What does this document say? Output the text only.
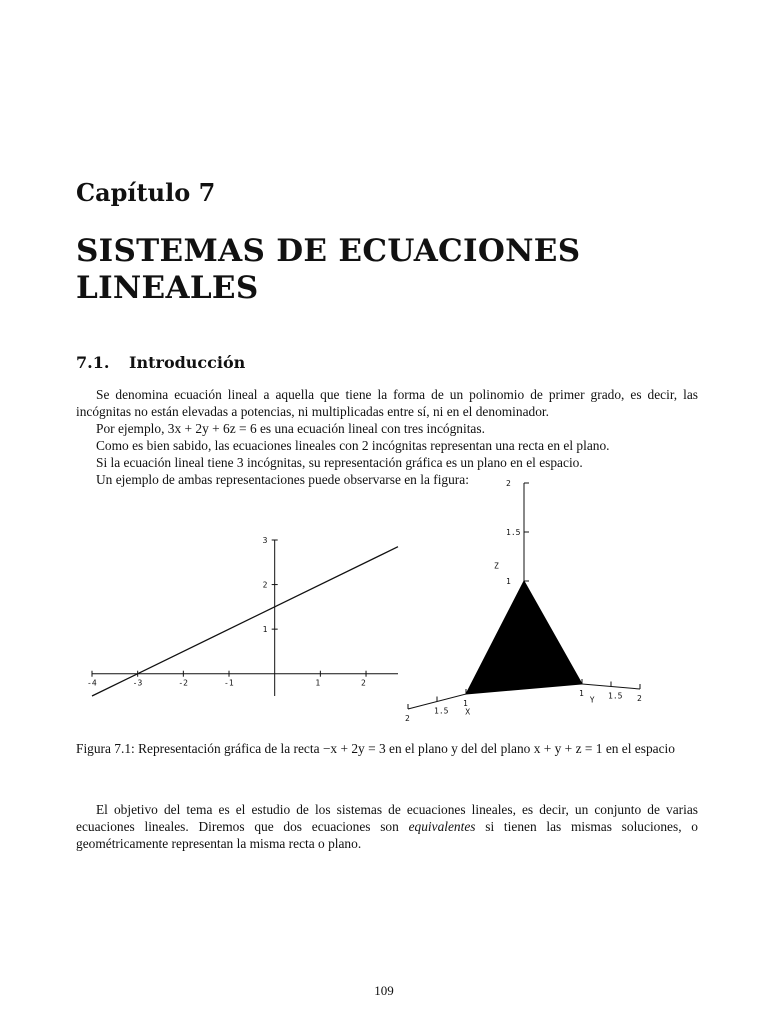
Capítulo 7
SISTEMAS DE ECUACIONES LINEALES
7.1. Introducción

Se denomina ecuación lineal a aquella que tiene la forma de un polinomio de primer grado, es decir, las incógnitas no están elevadas a potencias, ni multiplicadas entre sí, ni en el denominador.

Por ejemplo, 3x + 2y + 6z = 6 es una ecuación lineal con tres incógnitas.

Como es bien sabido, las ecuaciones lineales con 2 incógnitas representan una recta en el plano.

Si la ecuación lineal tiene 3 incógnitas, su representación gráfica es un plano en el espacio.

Un ejemplo de ambas representaciones puede observarse en la figura:

-4	-3	-2	-1	1	2
1
2
3
1
1
1
1.5
1.5
1.5
2
2
2
X
Y
Z

Figura 7.1: Representación gráfica de la recta −x + 2y = 3 en el plano y del del plano x + y + z = 1 en el espacio

El objetivo del tema es el estudio de los sistemas de ecuaciones lineales, es decir, un conjunto de varias ecuaciones lineales. Diremos que dos ecuaciones son equivalentes si tienen las mismas soluciones, o geométricamente representan la misma recta o plano.

109
